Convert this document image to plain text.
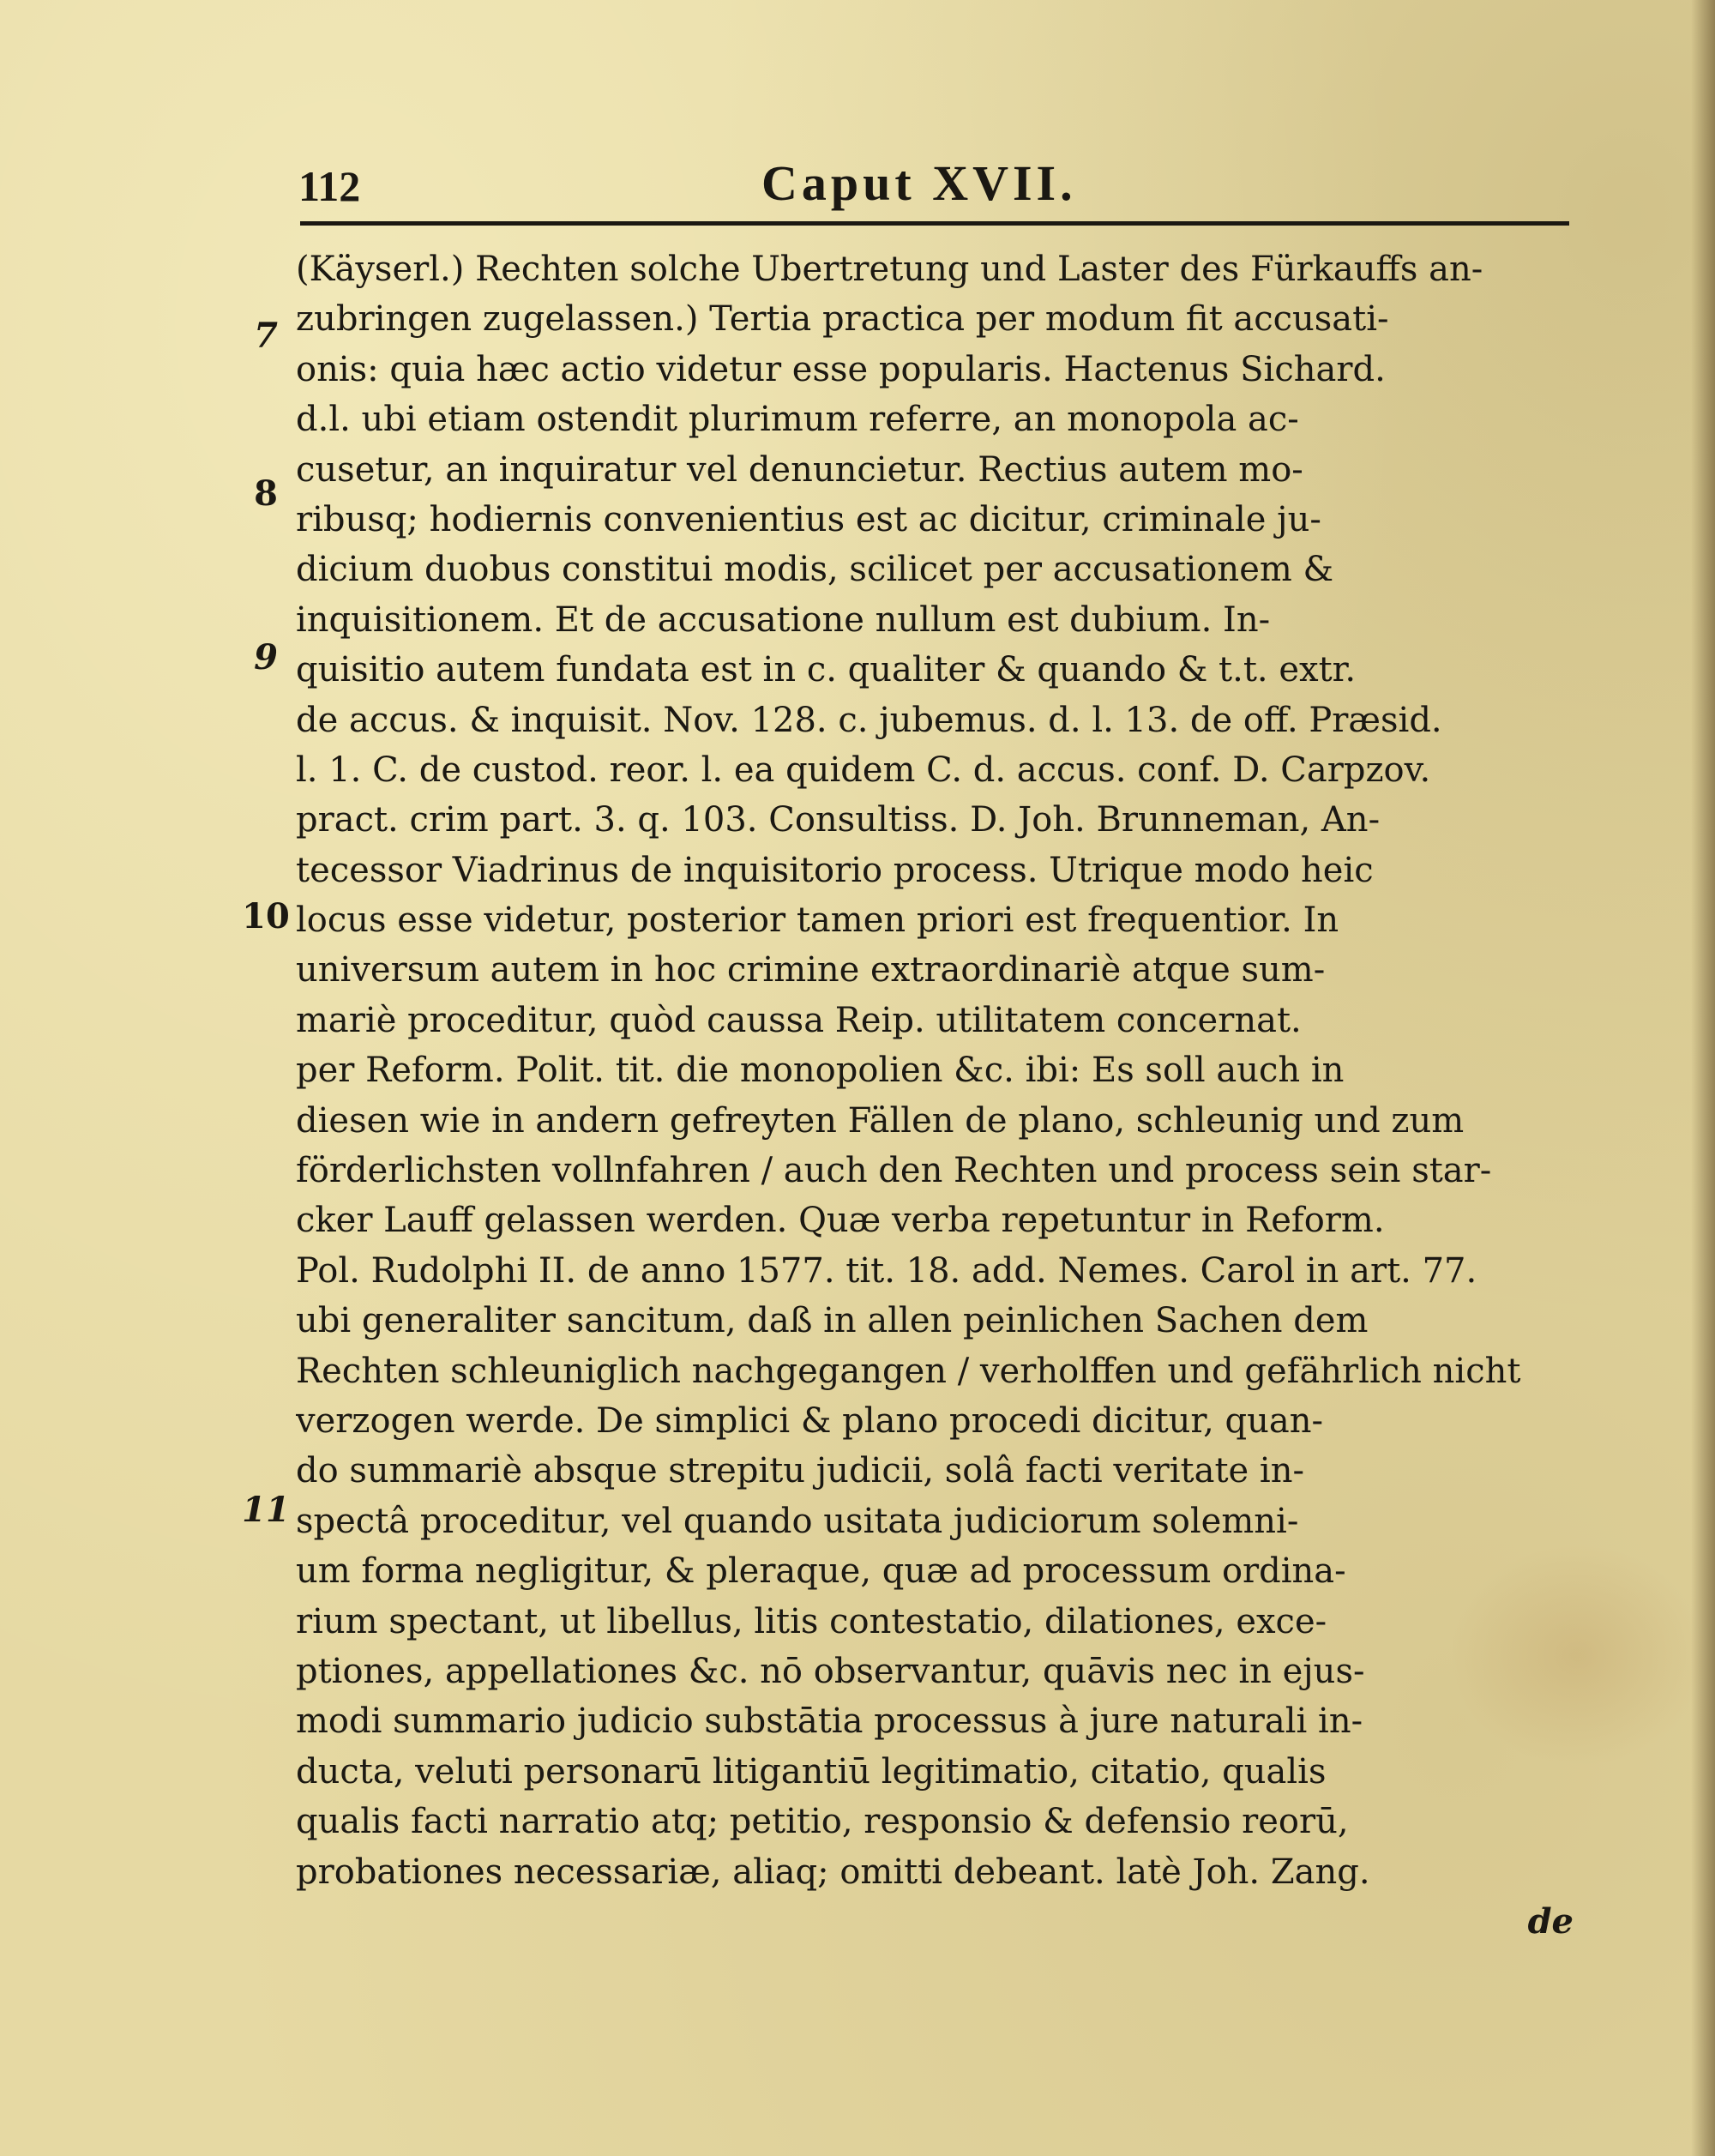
112	Caput XVII.
7
8
9
10
11
(Käyserl.) Rechten solche Ubertretung und Laster des Fürkauffs an-
zubringen zugelassen.) Tertia practica per modum fit accusati-
onis: quia hæc actio videtur esse popularis. Hactenus Sichard.
d.l. ubi etiam ostendit plurimum referre, an monopola ac-
cusetur, an inquiratur vel denuncietur. Rectius autem mo-
ribusq; hodiernis convenientius est ac dicitur, criminale ju-
dicium duobus constitui modis, scilicet per accusationem &
inquisitionem. Et de accusatione nullum est dubium. In-
quisitio autem fundata est in c. qualiter & quando & t.t. extr.
de accus. & inquisit. Nov. 128. c. jubemus. d. l. 13. de off. Præsid.
l. 1. C. de custod. reor. l. ea quidem C. d. accus. conf. D. Carpzov.
pract. crim part. 3. q. 103. Consultiss. D. Joh. Brunneman, An-
tecessor Viadrinus de inquisitorio process. Utrique modo heic
locus esse videtur, posterior tamen priori est frequentior. In
universum autem in hoc crimine extraordinariè atque sum-
mariè proceditur, quòd caussa Reip. utilitatem concernat.
per Reform. Polit. tit. die monopolien &c. ibi: Es soll auch in
diesen wie in andern gefreyten Fällen de plano, schleunig und zum
förderlichsten vollnfahren / auch den Rechten und process sein star-
cker Lauff gelassen werden. Quæ verba repetuntur in Reform.
Pol. Rudolphi II. de anno 1577. tit. 18. add. Nemes. Carol in art. 77.
ubi generaliter sancitum, daß in allen peinlichen Sachen dem
Rechten schleuniglich nachgegangen / verholffen und gefährlich nicht
verzogen werde. De simplici & plano procedi dicitur, quan-
do summariè absque strepitu judicii, solâ facti veritate in-
spectâ proceditur, vel quando usitata judiciorum solemni-
um forma negligitur, & pleraque, quæ ad processum ordina-
rium spectant, ut libellus, litis contestatio, dilationes, exce-
ptiones, appellationes &c. nō observantur, quāvis nec in ejus-
modi summario judicio substātia processus à jure naturali in-
ducta, veluti personarū litigantiū legitimatio, citatio, qualis
qualis facti narratio atq; petitio, responsio & defensio reorū,
probationes necessariæ, aliaq; omitti debeant. latè Joh. Zang.
de
